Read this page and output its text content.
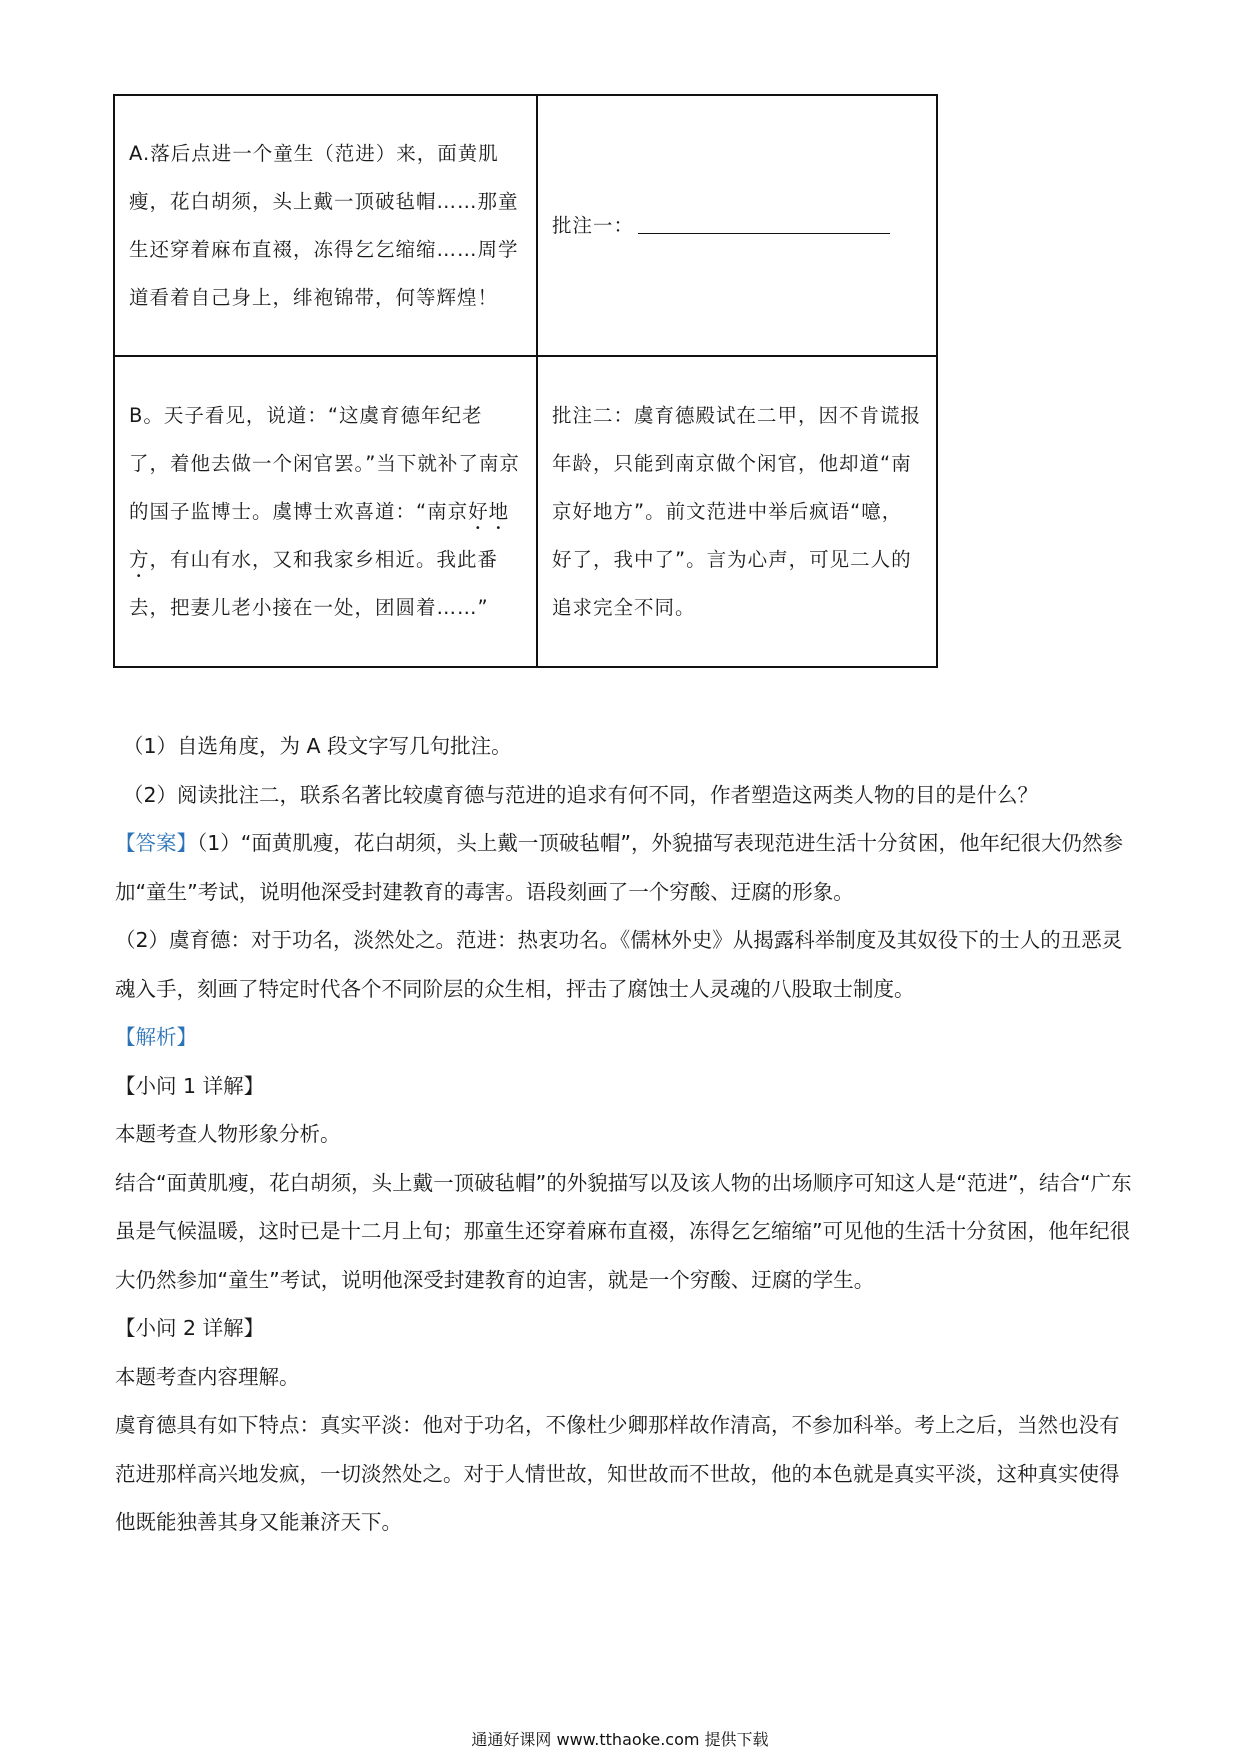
A.落后点进一个童生（范进）来，面黄肌瘦，花白胡须，头上戴一顶破毡帽……那童生还穿着麻布直裰，冻得乞乞缩缩……周学道看着自己身上，绯袍锦带，何等辉煌！	批注一：
B。天子看见，说道：“这虞育德年纪老了，着他去做一个闲官罢。”当下就补了南京的国子监博士。虞博士欢喜道：“南京好地方，有山有水，又和我家乡相近。我此番去，把妻儿老小接在一处，团圆着……”	批注二：虞育德殿试在二甲，因不肯谎报年龄，只能到南京做个闲官，他却道“南京好地方”。前文范进中举后疯语“噫，好了，我中了”。言为心声，可见二人的追求完全不同。

（1）自选角度，为 A 段文字写几句批注。

（2）阅读批注二，联系名著比较虞育德与范进的追求有何不同，作者塑造这两类人物的目的是什么？

【答案】（1）“面黄肌瘦，花白胡须，头上戴一顶破毡帽”，外貌描写表现范进生活十分贫困，他年纪很大仍然参加“童生”考试，说明他深受封建教育的毒害。语段刻画了一个穷酸、迂腐的形象。

（2）虞育德：对于功名，淡然处之。范进：热衷功名。《儒林外史》从揭露科举制度及其奴役下的士人的丑恶灵魂入手，刻画了特定时代各个不同阶层的众生相，抨击了腐蚀士人灵魂的八股取士制度。

【解析】

【小问 1 详解】

本题考查人物形象分析。

结合“面黄肌瘦，花白胡须，头上戴一顶破毡帽”的外貌描写以及该人物的出场顺序可知这人是“范进”，结合“广东虽是气候温暖，这时已是十二月上旬；那童生还穿着麻布直裰，冻得乞乞缩缩”可见他的生活十分贫困，他年纪很大仍然参加“童生”考试，说明他深受封建教育的迫害，就是一个穷酸、迂腐的学生。

【小问 2 详解】

本题考查内容理解。

虞育德具有如下特点：真实平淡：他对于功名，不像杜少卿那样故作清高，不参加科举。考上之后，当然也没有范进那样高兴地发疯，一切淡然处之。对于人情世故，知世故而不世故，他的本色就是真实平淡，这种真实使得他既能独善其身又能兼济天下。

通通好课网 www.tthaoke.com 提供下载
